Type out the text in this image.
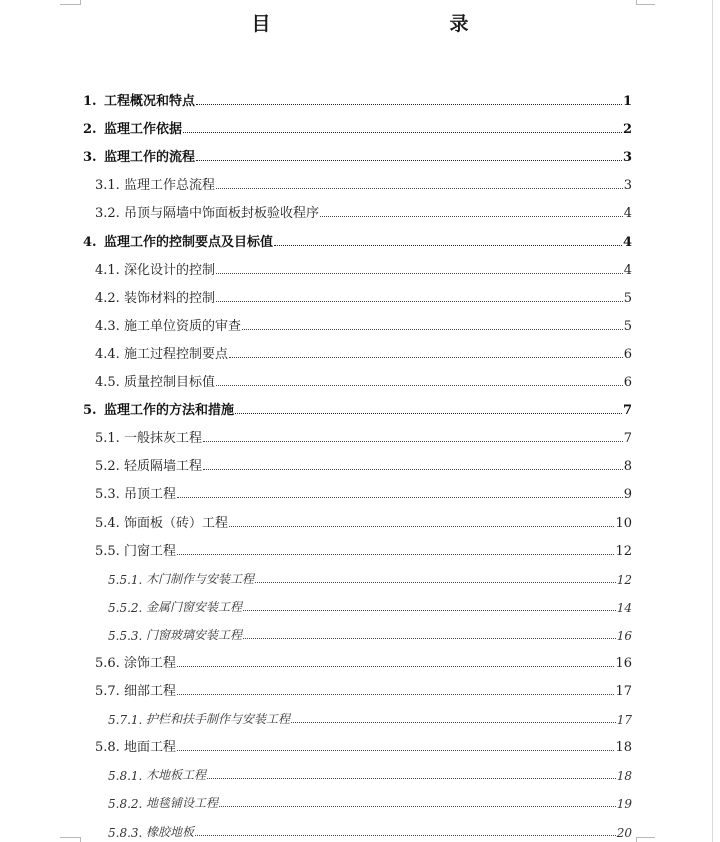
目　录
1. 工程概况和特点	1
2. 监理工作依据	2
3. 监理工作的流程	3
3.1. 监理工作总流程	3
3.2. 吊顶与隔墙中饰面板封板验收程序	4
4. 监理工作的控制要点及目标值	4
4.1. 深化设计的控制	4
4.2. 装饰材料的控制	5
4.3. 施工单位资质的审查	5
4.4. 施工过程控制要点	6
4.5. 质量控制目标值	6
5. 监理工作的方法和措施	7
5.1. 一般抹灰工程	7
5.2. 轻质隔墙工程	8
5.3. 吊顶工程	9
5.4. 饰面板（砖）工程	10
5.5. 门窗工程	12
5.5.1. 木门制作与安装工程	12
5.5.2. 金属门窗安装工程	14
5.5.3. 门窗玻璃安装工程	16
5.6. 涂饰工程	16
5.7. 细部工程	17
5.7.1. 护栏和扶手制作与安装工程	17
5.8. 地面工程	18
5.8.1. 木地板工程	18
5.8.2. 地毯铺设工程	19
5.8.3. 橡胶地板	20
